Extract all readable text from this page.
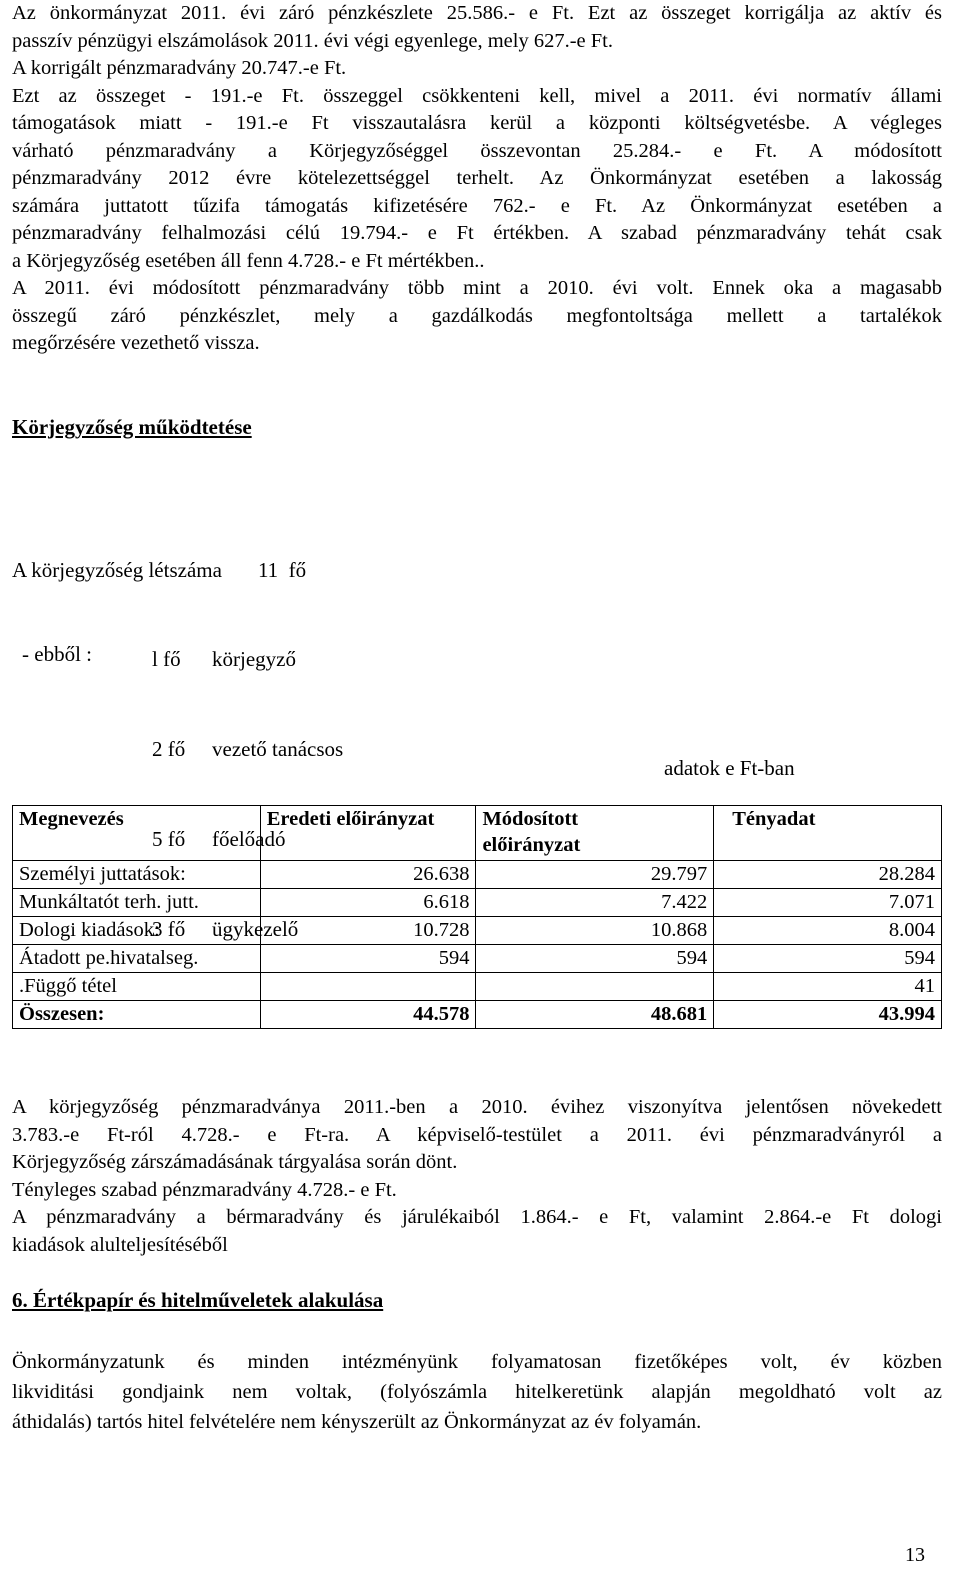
Az önkormányzat 2011. évi záró pénzkészlete 25.586.- e Ft. Ezt az összeget korrigálja az aktív és
passzív pénzügyi elszámolások 2011. évi végi egyenlege, mely 627.-e Ft.
A korrigált pénzmaradvány 20.747.-e Ft.
Ezt az összeget - 191.-e Ft. összeggel csökkenteni kell, mivel a 2011. évi normatív állami
támogatások miatt - 191.-e Ft visszautalásra kerül a központi költségvetésbe. A végleges
várható pénzmaradvány a Körjegyzőséggel összevontan 25.284.- e Ft. A módosított
pénzmaradvány 2012 évre kötelezettséggel terhelt. Az Önkormányzat esetében a lakosság
számára juttatott tűzifa támogatás kifizetésére 762.- e Ft. Az Önkormányzat esetében a
pénzmaradvány felhalmozási célú 19.794.- e Ft értékben. A szabad pénzmaradvány tehát csak
a Körjegyzőség esetében áll fenn 4.728.- e Ft mértékben..
A 2011. évi módosított pénzmaradvány több mint a 2010. évi volt. Ennek oka a magasabb
összegű záró pénzkészlet, mely a gazdálkodás megfontoltsága mellett a tartalékok
megőrzésére vezethető vissza.
Körjegyzőség működtetése

A körjegyzőség létszáma 11  fő

- ebből :

	l fő körjegyző

2 fő vezető tanácsos

5 fő főelőadó

3 fő ügykezelő

adatok e Ft-ban
Megnevezés	Eredeti előirányzat	Módosított előirányzat	Tényadat
Személyi juttatások:	26.638	29.797	28.284
Munkáltatót terh. jutt.	6.618	7.422	7.071
Dologi kiadások:	10.728	10.868	8.004
Átadott pe.hivatalseg.	594	594	594
.Függő tétel			41
Összesen:	44.578	48.681	43.994
A körjegyzőség pénzmaradványa 2011.-ben a 2010. évihez viszonyítva jelentősen növekedett
3.783.-e Ft-ról 4.728.- e Ft-ra. A képviselő-testület a 2011. évi pénzmaradványról a
Körjegyzőség zárszámadásának tárgyalása során dönt.
Tényleges szabad pénzmaradvány 4.728.- e Ft.
A pénzmaradvány a bérmaradvány és járulékaiból 1.864.- e Ft, valamint 2.864.-e Ft dologi
kiadások alulteljesítéséből
6. Értékpapír és hitelműveletek alakulása
Önkormányzatunk és minden intézményünk folyamatosan fizetőképes volt, év közben
likviditási gondjaink nem voltak, (folyószámla hitelkeretünk alapján megoldható volt az
áthidalás) tartós hitel felvételére nem kényszerült az Önkormányzat az év folyamán.
13
